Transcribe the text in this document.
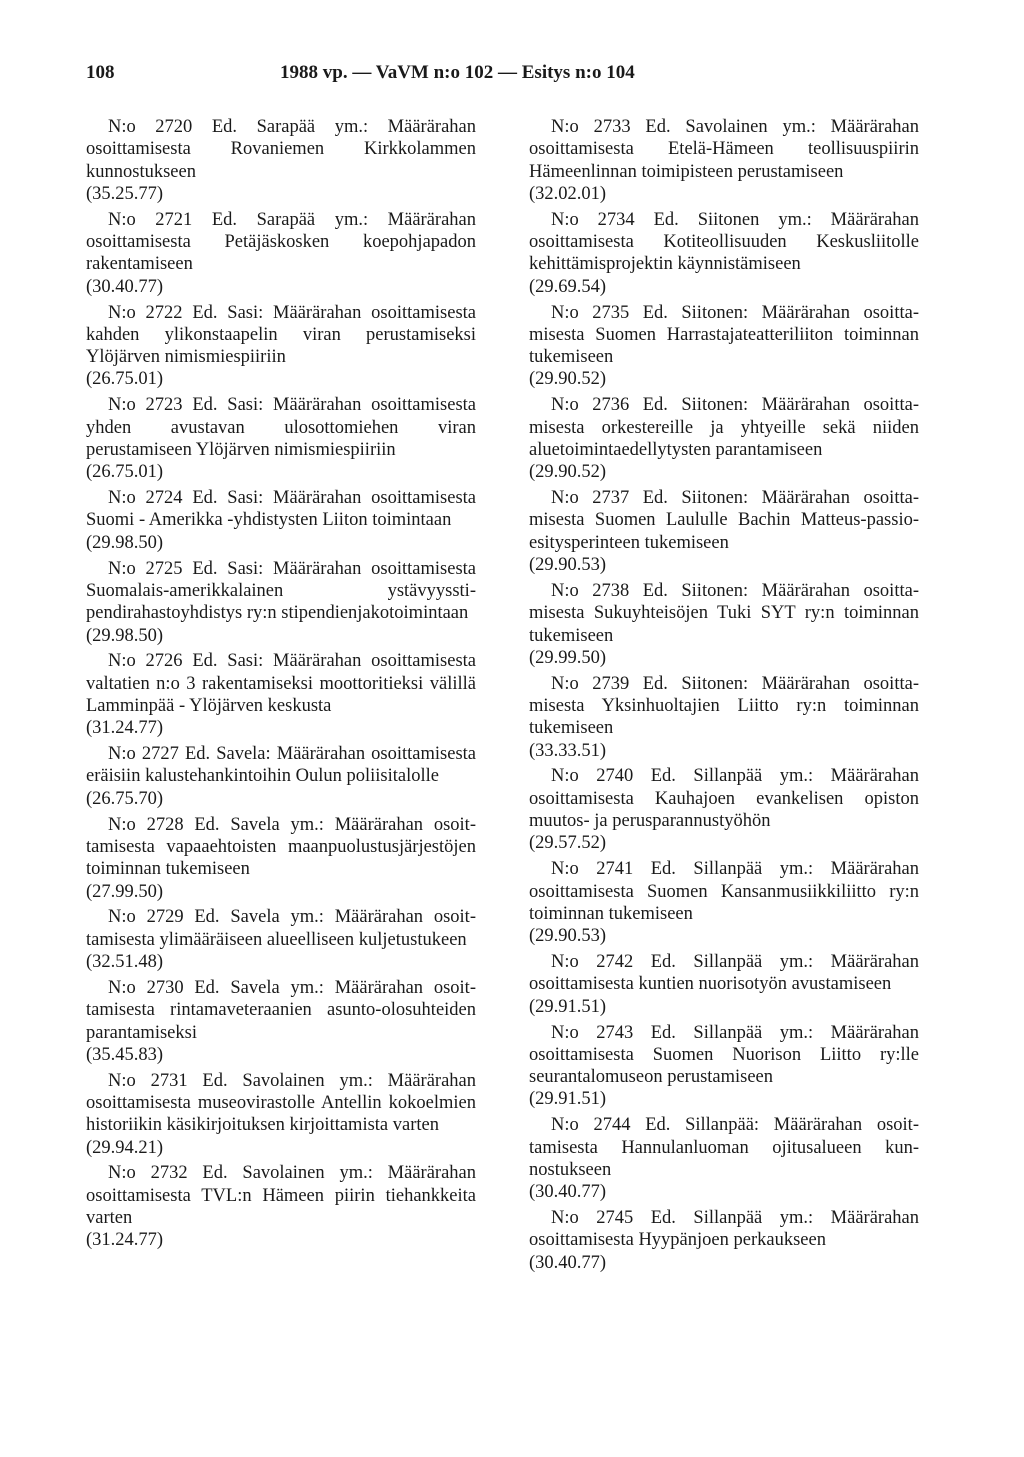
108	1988 vp. — VaVM n:o 102 — Esitys n:o 104
N:o 2720 Ed. Sarapää ym.: Määrärahan osoittamisesta Rovaniemen Kirkkolammen kunnostukseen
(35.25.77)
N:o 2721 Ed. Sarapää ym.: Määrärahan osoittamisesta Petäjäskosken koepohjapadon rakentamiseen
(30.40.77)
N:o 2722 Ed. Sasi: Määrärahan osoittamisesta kahden ylikonstaapelin viran perustamiseksi Ylöjärven nimismiespiiriin
(26.75.01)
N:o 2723 Ed. Sasi: Määrärahan osoittamisesta yhden avustavan ulosottomiehen viran perustamiseen Ylöjärven nimismiespiiriin
(26.75.01)
N:o 2724 Ed. Sasi: Määrärahan osoittamisesta Suomi - Amerikka -yhdistysten Liiton toimintaan
(29.98.50)
N:o 2725 Ed. Sasi: Määrärahan osoittamisesta Suomalais-amerikkalainen ystävyysstipendirahastoyhdistys ry:n stipendienjakotoimintaan
(29.98.50)
N:o 2726 Ed. Sasi: Määrärahan osoittamisesta valtatien n:o 3 rakentamiseksi moottoritieksi välillä Lamminpää - Ylöjärven keskusta
(31.24.77)
N:o 2727 Ed. Savela: Määrärahan osoittamisesta eräisiin kalustehankintoihin Oulun poliisitalolle
(26.75.70)
N:o 2728 Ed. Savela ym.: Määrärahan osoittamisesta vapaaehtoisten maanpuolustusjärjestöjen toiminnan tukemiseen
(27.99.50)
N:o 2729 Ed. Savela ym.: Määrärahan osoittamisesta ylimääräiseen alueelliseen kuljetustukeen
(32.51.48)
N:o 2730 Ed. Savela ym.: Määrärahan osoittamisesta rintamaveteraanien asunto-olosuhteiden parantamiseksi
(35.45.83)
N:o 2731 Ed. Savolainen ym.: Määrärahan osoittamisesta museovirastolle Antellin kokoelmien historiikin käsikirjoituksen kirjoittamista varten
(29.94.21)
N:o 2732 Ed. Savolainen ym.: Määrärahan osoittamisesta TVL:n Hämeen piirin tiehankkeita varten
(31.24.77)
N:o 2733 Ed. Savolainen ym.: Määrärahan osoittamisesta Etelä-Hämeen teollisuuspiirin Hämeenlinnan toimipisteen perustamiseen
(32.02.01)
N:o 2734 Ed. Siitonen ym.: Määrärahan osoittamisesta Kotiteollisuuden Keskusliitolle kehittämisprojektin käynnistämiseen
(29.69.54)
N:o 2735 Ed. Siitonen: Määrärahan osoittamisesta Suomen Harrastajateatteriliiton toiminnan tukemiseen
(29.90.52)
N:o 2736 Ed. Siitonen: Määrärahan osoittamisesta orkestereille ja yhtyeille sekä niiden aluetoimintaedellytysten parantamiseen
(29.90.52)
N:o 2737 Ed. Siitonen: Määrärahan osoittamisesta Suomen Laululle Bachin Matteus-passio-esitysperinteen tukemiseen
(29.90.53)
N:o 2738 Ed. Siitonen: Määrärahan osoittamisesta Sukuyhteisöjen Tuki SYT ry:n toiminnan tukemiseen
(29.99.50)
N:o 2739 Ed. Siitonen: Määrärahan osoittamisesta Yksinhuoltajien Liitto ry:n toiminnan tukemiseen
(33.33.51)
N:o 2740 Ed. Sillanpää ym.: Määrärahan osoittamisesta Kauhajoen evankelisen opiston muutos- ja perusparannustyöhön
(29.57.52)
N:o 2741 Ed. Sillanpää ym.: Määrärahan osoittamisesta Suomen Kansanmusiikkiliitto ry:n toiminnan tukemiseen
(29.90.53)
N:o 2742 Ed. Sillanpää ym.: Määrärahan osoittamisesta kuntien nuorisotyön avustamiseen
(29.91.51)
N:o 2743 Ed. Sillanpää ym.: Määrärahan osoittamisesta Suomen Nuorison Liitto ry:lle seurantalomuseon perustamiseen
(29.91.51)
N:o 2744 Ed. Sillanpää: Määrärahan osoittamisesta Hannulanluoman ojitusalueen kunnostukseen
(30.40.77)
N:o 2745 Ed. Sillanpää ym.: Määrärahan osoittamisesta Hyypänjoen perkaukseen
(30.40.77)
